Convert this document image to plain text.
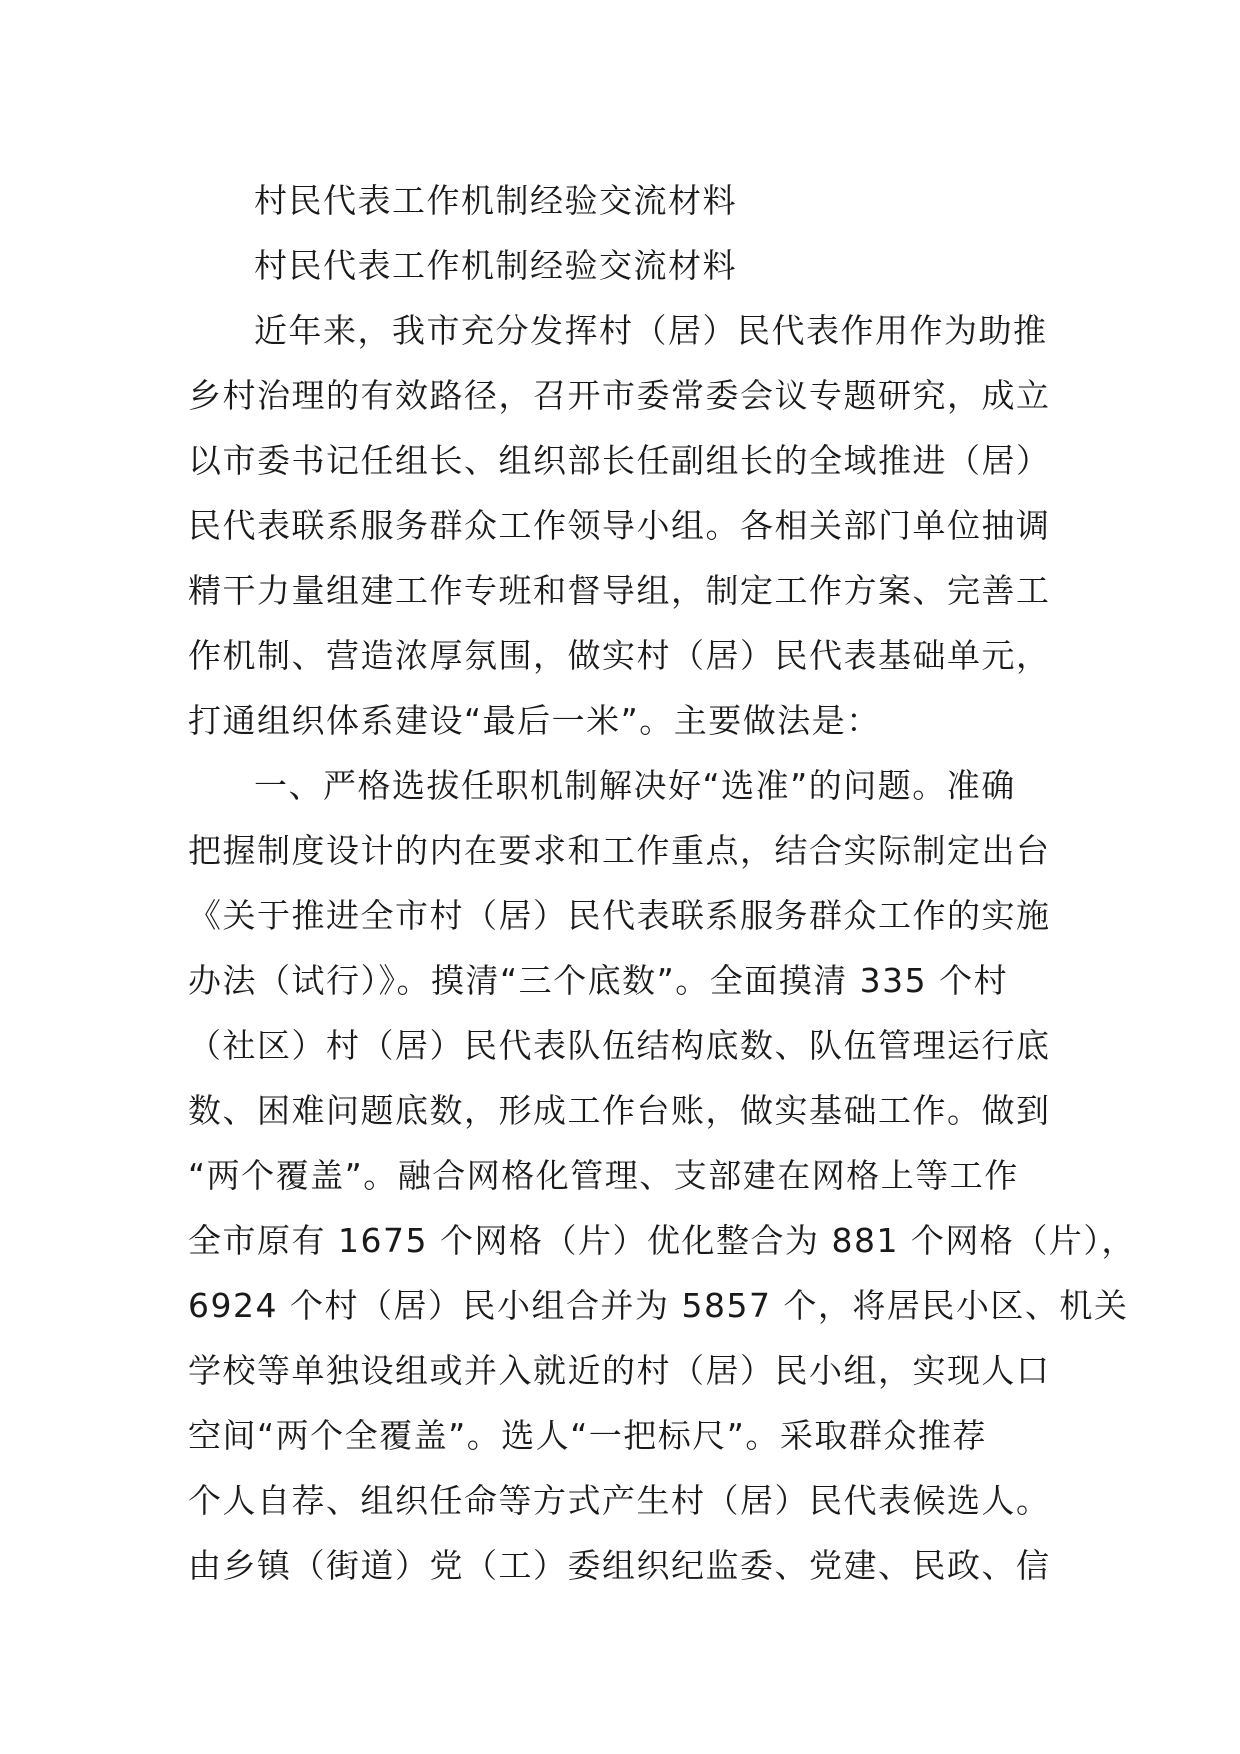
村民代表工作机制经验交流材料
村民代表工作机制经验交流材料
近年来，我市充分发挥村（居）民代表作用作为助推
乡村治理的有效路径，召开市委常委会议专题研究，成立
以市委书记任组长、组织部长任副组长的全域推进（居）
民代表联系服务群众工作领导小组。各相关部门单位抽调
精干力量组建工作专班和督导组，制定工作方案、完善工
作机制、营造浓厚氛围，做实村（居）民代表基础单元，
打通组织体系建设“最后一米”。主要做法是：
一、严格选拔任职机制解决好“选准”的问题。准确
把握制度设计的内在要求和工作重点，结合实际制定出台
《关于推进全市村（居）民代表联系服务群众工作的实施
办法（试行）》。摸清“三个底数”。全面摸清 335 个村
（社区）村（居）民代表队伍结构底数、队伍管理运行底
数、困难问题底数，形成工作台账，做实基础工作。做到
“两个覆盖”。融合网格化管理、支部建在网格上等工作
全市原有 1675 个网格（片）优化整合为 881 个网格（片），
6924 个村（居）民小组合并为 5857 个，将居民小区、机关
学校等单独设组或并入就近的村（居）民小组，实现人口
空间“两个全覆盖”。选人“一把标尺”。采取群众推荐
个人自荐、组织任命等方式产生村（居）民代表候选人。
由乡镇（街道）党（工）委组织纪监委、党建、民政、信
